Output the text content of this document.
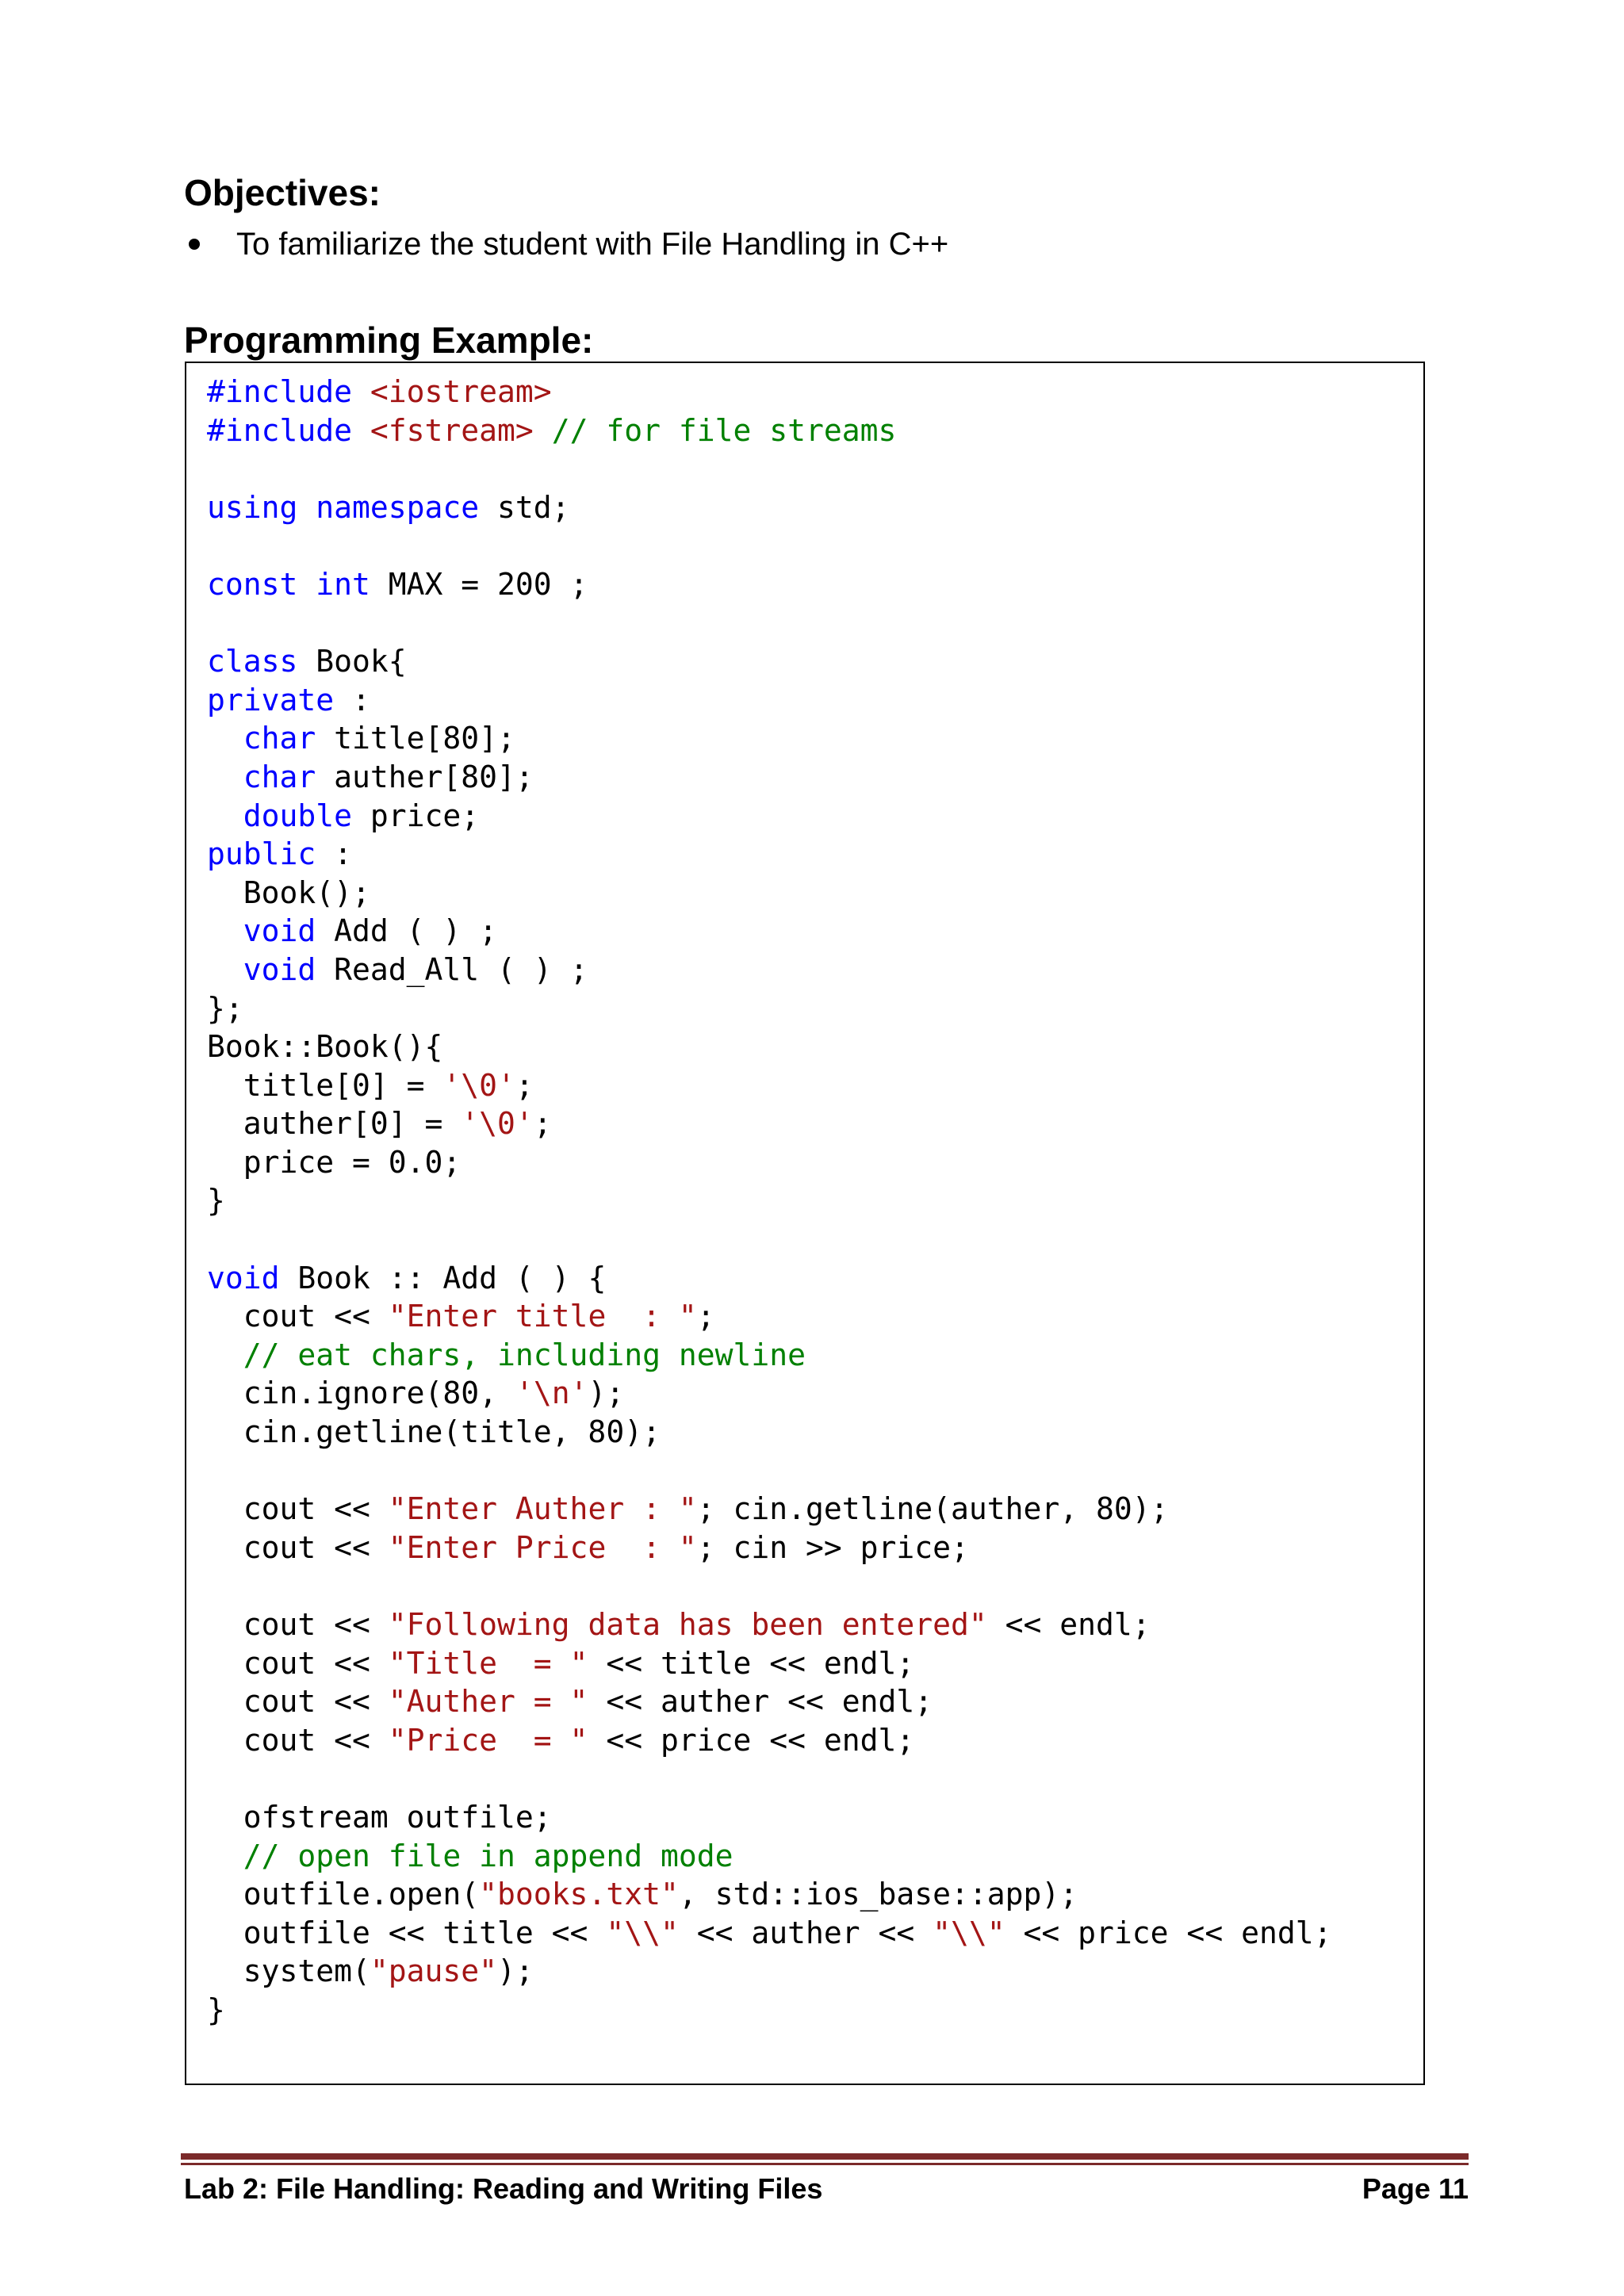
Objectives:
To familiarize the student with File Handling in C++
Programming Example:
#include <iostream>
#include <fstream> // for file streams

using namespace std;

const int MAX = 200 ;

class Book{
private :
char title[80];
char auther[80];
double price;
public :
Book();
void Add ( ) ;
void Read_All ( ) ;
};
Book::Book(){
title[0] = '\0';
auther[0] = '\0';
price = 0.0;
}

void Book :: Add ( ) {
cout << "Enter title  : ";
// eat chars, including newline
cin.ignore(80, '\n');
cin.getline(title, 80);

cout << "Enter Auther : "; cin.getline(auther, 80);
cout << "Enter Price  : "; cin >> price;

cout << "Following data has been entered" << endl;
cout << "Title  = " << title << endl;
cout << "Auther = " << auther << endl;
cout << "Price  = " << price << endl;

ofstream outfile;
// open file in append mode
outfile.open("books.txt", std::ios_base::app);
outfile << title << "\\" << auther << "\\" << price << endl;
system("pause");
}
Lab 2: File Handling: Reading and Writing Files	Page 11
